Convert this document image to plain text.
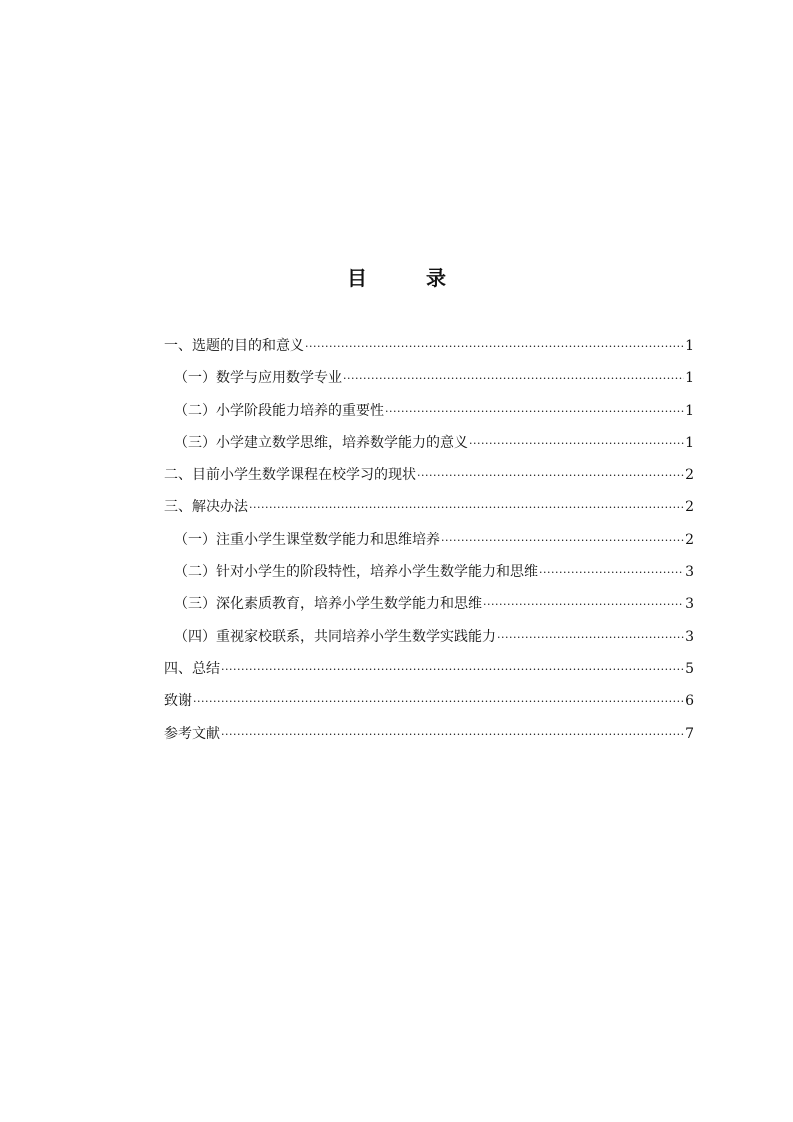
目 录
一、选题的目的和意义 ·····	1
（一）数学与应用数学专业 ·····	1
（二）小学阶段能力培养的重要性 ·····	1
（三）小学建立数学思维，培养数学能力的意义 ·····	1
二、目前小学生数学课程在校学习的现状 ·····	2
三、解决办法 ·····	2
（一）注重小学生课堂数学能力和思维培养 ·····	2
（二）针对小学生的阶段特性，培养小学生数学能力和思维 ·····	3
（三）深化素质教育，培养小学生数学能力和思维 ·····	3
（四）重视家校联系，共同培养小学生数学实践能力 ·····	3
四、总结 ·····	5
致谢 ·····	6
参考文献 ·····	7
